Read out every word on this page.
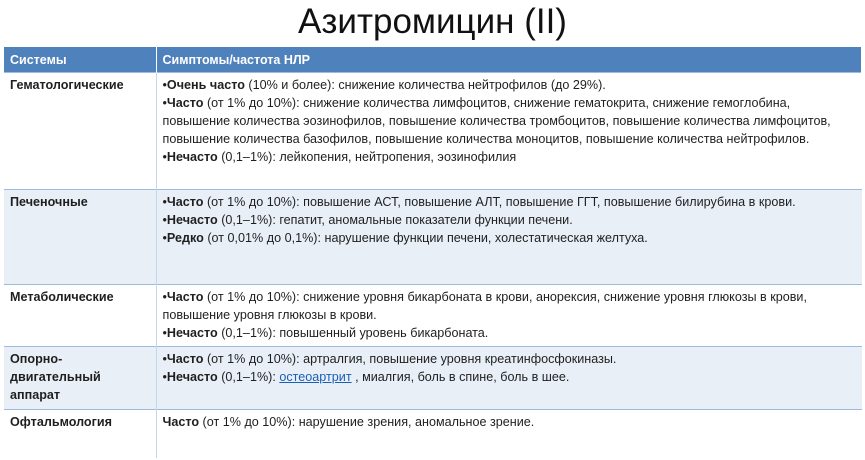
Азитромицин (II)
Системы	Симптомы/частота НЛР
Гематологические	•Очень часто (10% и более): снижение количества нейтрофилов (до 29%).
•Часто (от 1% до 10%): снижение количества лимфоцитов, снижение гематокрита, снижение гемоглобина, повышение количества эозинофилов, повышение количества тромбоцитов, повышение количества лимфоцитов, повышение количества базофилов, повышение количества моноцитов, повышение количества нейтрофилов.
•Нечасто (0,1–1%): лейкопения, нейтропения, эозинофилия

Печеночные	•Часто (от 1% до 10%): повышение АСТ, повышение АЛТ, повышение ГГТ, повышение билирубина в крови.
•Нечасто (0,1–1%): гепатит, аномальные показатели функции печени.
•Редко (от 0,01% до 0,1%): нарушение функции печени, холестатическая желтуха.

Метаболические	•Часто (от 1% до 10%): снижение уровня бикарбоната в крови, анорексия, снижение уровня глюкозы в крови, повышение уровня глюкозы в крови.
•Нечасто (0,1–1%): повышенный уровень бикарбоната.

Опорно-двигательный аппарат	•Часто (от 1% до 10%): артралгия, повышение уровня креатинфосфокиназы.
•Нечасто (0,1–1%): остеоартрит , миалгия, боль в спине, боль в шее.

Офтальмология	Часто (от 1% до 10%): нарушение зрения, аномальное зрение.
